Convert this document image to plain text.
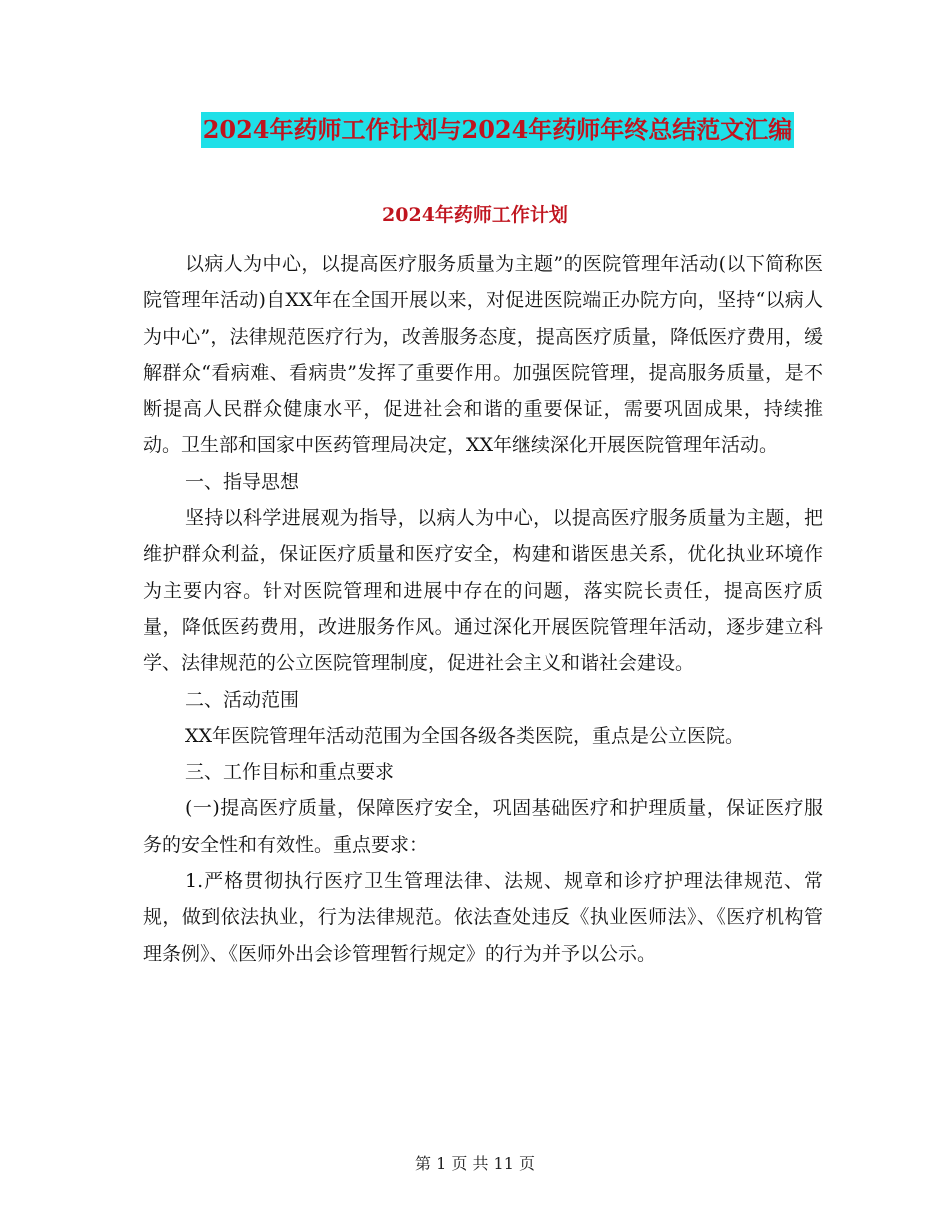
2024年药师工作计划与2024年药师年终总结范文汇编
2024年药师工作计划

以病人为中心，以提高医疗服务质量为主题”的医院管理年活动(以下简称医院管理年活动)自XX年在全国开展以来，对促进医院端正办院方向，坚持“以病人为中心”，法律规范医疗行为，改善服务态度，提高医疗质量，降低医疗费用，缓解群众“看病难、看病贵”发挥了重要作用。加强医院管理，提高服务质量，是不断提高人民群众健康水平，促进社会和谐的重要保证，需要巩固成果，持续推动。卫生部和国家中医药管理局决定，XX年继续深化开展医院管理年活动。

一、指导思想

坚持以科学进展观为指导，以病人为中心，以提高医疗服务质量为主题，把维护群众利益，保证医疗质量和医疗安全，构建和谐医患关系，优化执业环境作为主要内容。针对医院管理和进展中存在的问题，落实院长责任，提高医疗质量，降低医药费用，改进服务作风。通过深化开展医院管理年活动，逐步建立科学、法律规范的公立医院管理制度，促进社会主义和谐社会建设。

二、活动范围

XX年医院管理年活动范围为全国各级各类医院，重点是公立医院。

三、工作目标和重点要求

(一)提高医疗质量，保障医疗安全，巩固基础医疗和护理质量，保证医疗服务的安全性和有效性。重点要求：

1.严格贯彻执行医疗卫生管理法律、法规、规章和诊疗护理法律规范、常规，做到依法执业，行为法律规范。依法查处违反《执业医师法》、《医疗机构管理条例》、《医师外出会诊管理暂行规定》的行为并予以公示。

第 1 页 共 11 页
